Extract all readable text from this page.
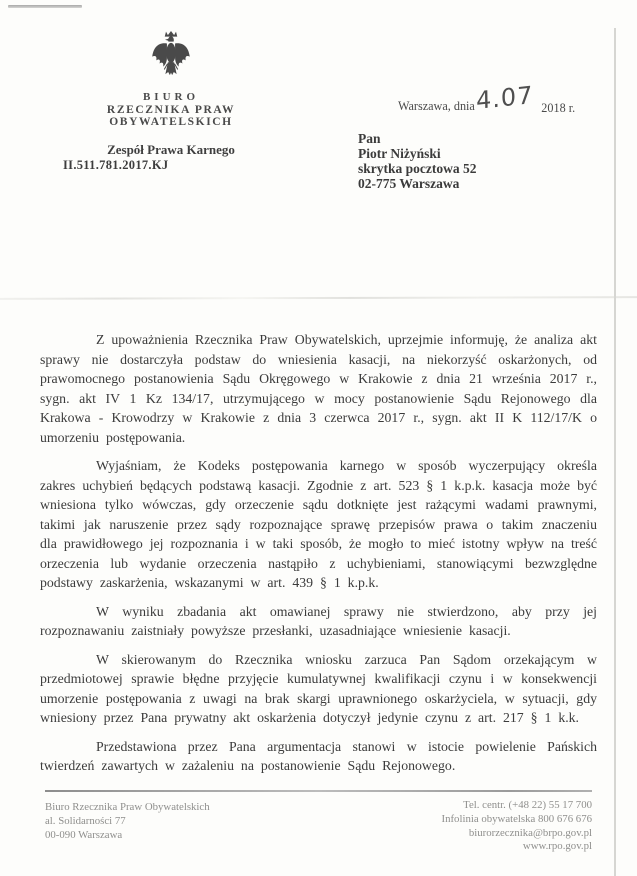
BIURO
RZECZNIKA PRAW OBYWATELSKICH
Zespół Prawa Karnego
Warszawa, dnia4.07 2018 r.
II.511.781.2017.KJ
Pan
Piotr Niżyński
skrytka pocztowa 52
02-775 Warszawa

Z upoważnienia Rzecznika Praw Obywatelskich, uprzejmie informuję, że analiza akt sprawy nie dostarczyła podstaw do wniesienia kasacji, na niekorzyść oskarżonych, od prawomocnego postanowienia Sądu Okręgowego w Krakowie z dnia 21 września 2017 r., sygn. akt IV 1 Kz 134/17, utrzymującego w mocy postanowienie Sądu Rejonowego dla Krakowa - Krowodrzy w Krakowie z dnia 3 czerwca 2017 r., sygn. akt II K 112/17/K o umorzeniu postępowania.

Wyjaśniam, że Kodeks postępowania karnego w sposób wyczerpujący określa zakres uchybień będących podstawą kasacji. Zgodnie z art. 523 § 1 k.p.k. kasacja może być wniesiona tylko wówczas, gdy orzeczenie sądu dotknięte jest rażącymi wadami prawnymi, takimi jak naruszenie przez sądy rozpoznające sprawę przepisów prawa o takim znaczeniu dla prawidłowego jej rozpoznania i w taki sposób, że mogło to mieć istotny wpływ na treść orzeczenia lub wydanie orzeczenia nastąpiło z uchybieniami, stanowiącymi bezwzględne podstawy zaskarżenia, wskazanymi w art. 439 § 1 k.p.k.

W wyniku zbadania akt omawianej sprawy nie stwierdzono, aby przy jej rozpoznawaniu zaistniały powyższe przesłanki, uzasadniające wniesienie kasacji.

W skierowanym do Rzecznika wniosku zarzuca Pan Sądom orzekającym w przedmiotowej sprawie błędne przyjęcie kumulatywnej kwalifikacji czynu i w konsekwencji umorzenie postępowania z uwagi na brak skargi uprawnionego oskarżyciela, w sytuacji, gdy wniesiony przez Pana prywatny akt oskarżenia dotyczył jedynie czynu z art. 217 § 1 k.k.

Przedstawiona przez Pana argumentacja stanowi w istocie powielenie Pańskich twierdzeń zawartych w zażaleniu na postanowienie Sądu Rejonowego.

Biuro Rzecznika Praw Obywatelskich
al. Solidarności 77
00-090 Warszawa
Tel. centr. (+48 22) 55 17 700
Infolinia obywatelska 800 676 676
biurorzecznika@brpo.gov.pl
www.rpo.gov.pl
